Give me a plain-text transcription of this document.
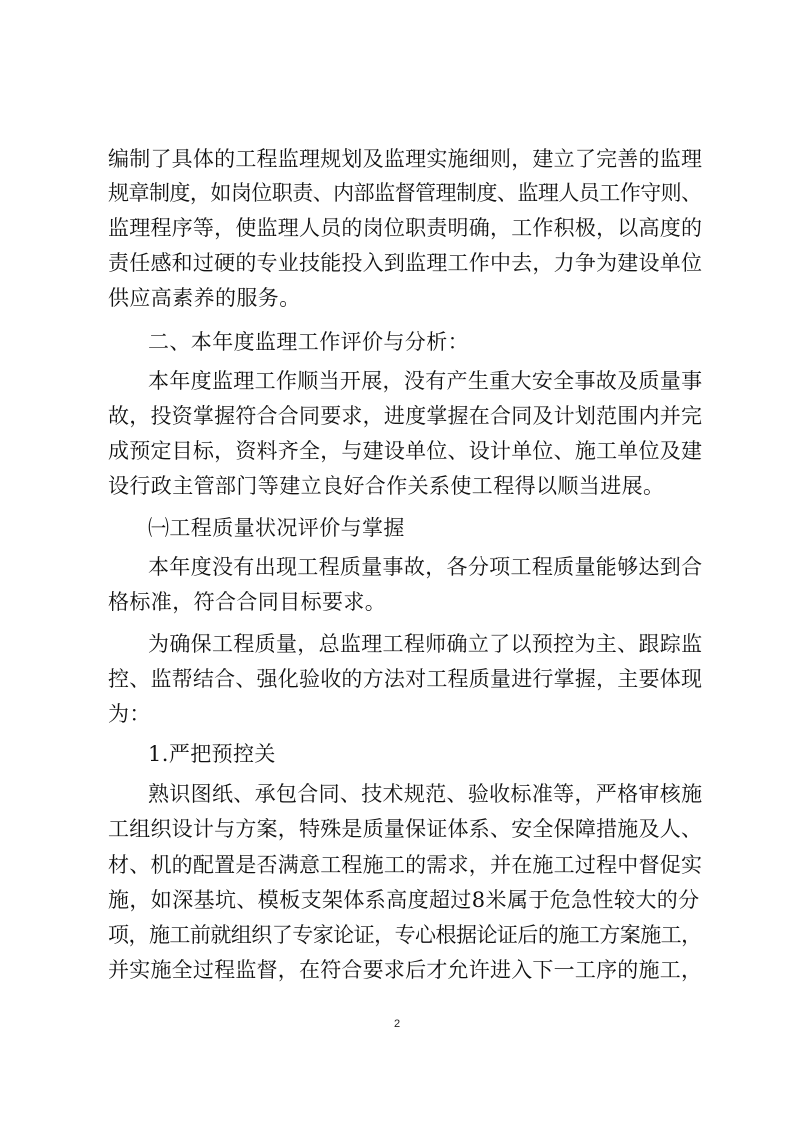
编制了具体的工程监理规划及监理实施细则，建立了完善的监理
规章制度，如岗位职责、内部监督管理制度、监理人员工作守则、
监理程序等，使监理人员的岗位职责明确，工作积极，以高度的
责任感和过硬的专业技能投入到监理工作中去，力争为建设单位
供应高素养的服务。
二、本年度监理工作评价与分析：
本年度监理工作顺当开展，没有产生重大安全事故及质量事
故，投资掌握符合合同要求，进度掌握在合同及计划范围内并完
成预定目标，资料齐全，与建设单位、设计单位、施工单位及建
设行政主管部门等建立良好合作关系使工程得以顺当进展。
㈠工程质量状况评价与掌握
本年度没有出现工程质量事故，各分项工程质量能够达到合
格标准，符合合同目标要求。
为确保工程质量，总监理工程师确立了以预控为主、跟踪监
控、监帮结合、强化验收的方法对工程质量进行掌握，主要体现
为：
1.严把预控关
熟识图纸、承包合同、技术规范、验收标准等，严格审核施
工组织设计与方案，特殊是质量保证体系、安全保障措施及人、
材、机的配置是否满意工程施工的需求，并在施工过程中督促实
施，如深基坑、模板支架体系高度超过8米属于危急性较大的分
项，施工前就组织了专家论证，专心根据论证后的施工方案施工，
并实施全过程监督，在符合要求后才允许进入下一工序的施工，
2
